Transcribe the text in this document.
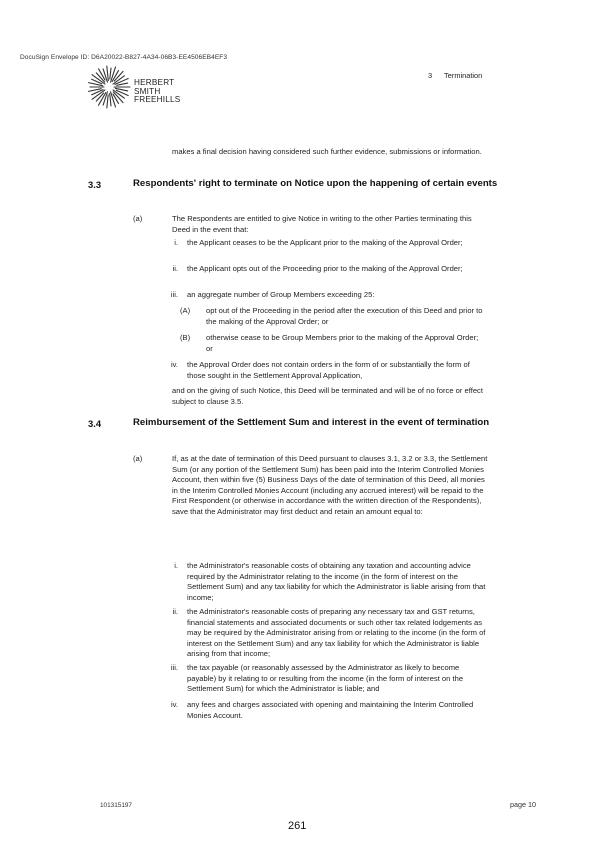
DocuSign Envelope ID: D6A20022-B827-4A34-06B3-EE4506EB4EF3
HERBERT
SMITH
FREEHILLS
3 Termination
makes a final decision having considered such further evidence, submissions or information.
3.3	Respondents' right to terminate on Notice upon the happening of certain events
(a)	The Respondents are entitled to give Notice in writing to the other Parties terminating this Deed in the event that:
i. the Applicant ceases to be the Applicant prior to the making of the Approval Order;
ii. the Applicant opts out of the Proceeding prior to the making of the Approval Order;
iii. an aggregate number of Group Members exceeding 25:
(A) opt out of the Proceeding in the period after the execution of this Deed and prior to the making of the Approval Order; or
(B) otherwise cease to be Group Members prior to the making of the Approval Order; or
iv. the Approval Order does not contain orders in the form of or substantially the form of those sought in the Settlement Approval Application,
and on the giving of such Notice, this Deed will be terminated and will be of no force or effect subject to clause 3.5.
3.4	Reimbursement of the Settlement Sum and interest in the event of termination
(a)	If, as at the date of termination of this Deed pursuant to clauses 3.1, 3.2 or 3.3, the Settlement Sum (or any portion of the Settlement Sum) has been paid into the Interim Controlled Monies Account, then within five (5) Business Days of the date of termination of this Deed, all monies in the Interim Controlled Monies Account (including any accrued interest) will be repaid to the First Respondent (or otherwise in accordance with the written direction of the Respondents), save that the Administrator may first deduct and retain an amount equal to:
i. the Administrator's reasonable costs of obtaining any taxation and accounting advice required by the Administrator relating to the income (in the form of interest on the Settlement Sum) and any tax liability for which the Administrator is liable arising from that income;
ii. the Administrator's reasonable costs of preparing any necessary tax and GST returns, financial statements and associated documents or such other tax related lodgements as may be required by the Administrator arising from or relating to the income (in the form of interest on the Settlement Sum) and any tax liability for which the Administrator is liable arising from that income;
iii. the tax payable (or reasonably assessed by the Administrator as likely to become payable) by it relating to or resulting from the income (in the form of interest on the Settlement Sum) for which the Administrator is liable; and
iv. any fees and charges associated with opening and maintaining the Interim Controlled Monies Account.
101315197	page 10
261
